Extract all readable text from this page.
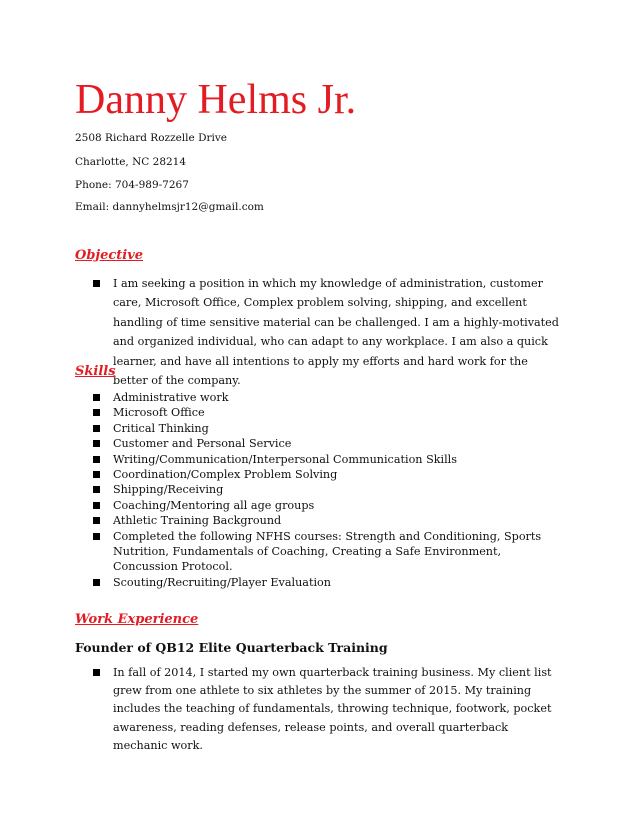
Danny Helms Jr.
2508 Richard Rozzelle Drive
Charlotte, NC 28214
Phone: 704-989-7267
Email: dannyhelmsjr12@gmail.com
Objective
I am seeking a position in which my knowledge of administration, customer care, Microsoft Office, Complex problem solving, shipping, and excellent handling of time sensitive material can be challenged. I am a highly-motivated and organized individual, who can adapt to any workplace. I am also a quick learner, and have all intentions to apply my efforts and hard work for the better of the company.
Skills
Administrative work
Microsoft Office
Critical Thinking
Customer and Personal Service
Writing/Communication/Interpersonal Communication Skills
Coordination/Complex Problem Solving
Shipping/Receiving
Coaching/Mentoring all age groups
Athletic Training Background
Completed the following NFHS courses: Strength and Conditioning, Sports Nutrition, Fundamentals of Coaching, Creating a Safe Environment, Concussion Protocol.
Scouting/Recruiting/Player Evaluation
Work Experience
Founder of QB12 Elite Quarterback Training
In fall of 2014, I started my own quarterback training business. My client list grew from one athlete to six athletes by the summer of 2015. My training includes the teaching of fundamentals, throwing technique, footwork, pocket awareness, reading defenses, release points, and overall quarterback mechanic work.
